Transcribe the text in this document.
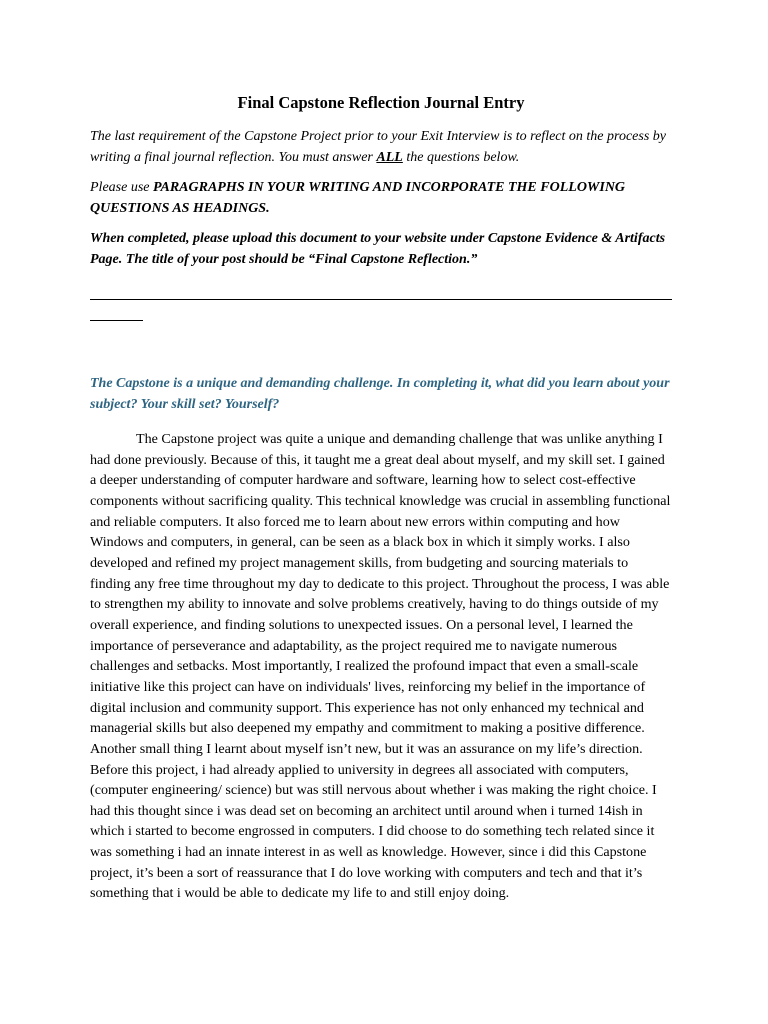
Final Capstone Reflection Journal Entry

The last requirement of the Capstone Project prior to your Exit Interview is to reflect on the process by writing a final journal reflection. You must answer ALL the questions below.

Please use PARAGRAPHS IN YOUR WRITING AND INCORPORATE THE FOLLOWING QUESTIONS AS HEADINGS.

When completed, please upload this document to your website under Capstone Evidence & Artifacts Page. The title of your post should be “Final Capstone Reflection.”

The Capstone is a unique and demanding challenge. In completing it, what did you learn about your subject? Your skill set? Yourself?

The Capstone project was quite a unique and demanding challenge that was unlike anything I had done previously. Because of this, it taught me a great deal about myself, and my skill set. I gained a deeper understanding of computer hardware and software, learning how to select cost-effective components without sacrificing quality. This technical knowledge was crucial in assembling functional and reliable computers. It also forced me to learn about new errors within computing and how Windows and computers, in general, can be seen as a black box in which it simply works. I also developed and refined my project management skills, from budgeting and sourcing materials to finding any free time throughout my day to dedicate to this project. Throughout the process, I was able to strengthen my ability to innovate and solve problems creatively, having to do things outside of my overall experience, and finding solutions to unexpected issues. On a personal level, I learned the importance of perseverance and adaptability, as the project required me to navigate numerous challenges and setbacks. Most importantly, I realized the profound impact that even a small-scale initiative like this project can have on individuals' lives, reinforcing my belief in the importance of digital inclusion and community support. This experience has not only enhanced my technical and managerial skills but also deepened my empathy and commitment to making a positive difference. Another small thing I learnt about myself isn’t new, but it was an assurance on my life’s direction. Before this project, i had already applied to university in degrees all associated with computers, (computer engineering/ science) but was still nervous about whether i was making the right choice. I had this thought since i was dead set on becoming an architect until around when i turned 14ish in which i started to become engrossed in computers. I did choose to do something tech related since it was something i had an innate interest in as well as knowledge. However, since i did this Capstone project, it’s been a sort of reassurance that I do love working with computers and tech and that it’s something that i would be able to dedicate my life to and still enjoy doing.
